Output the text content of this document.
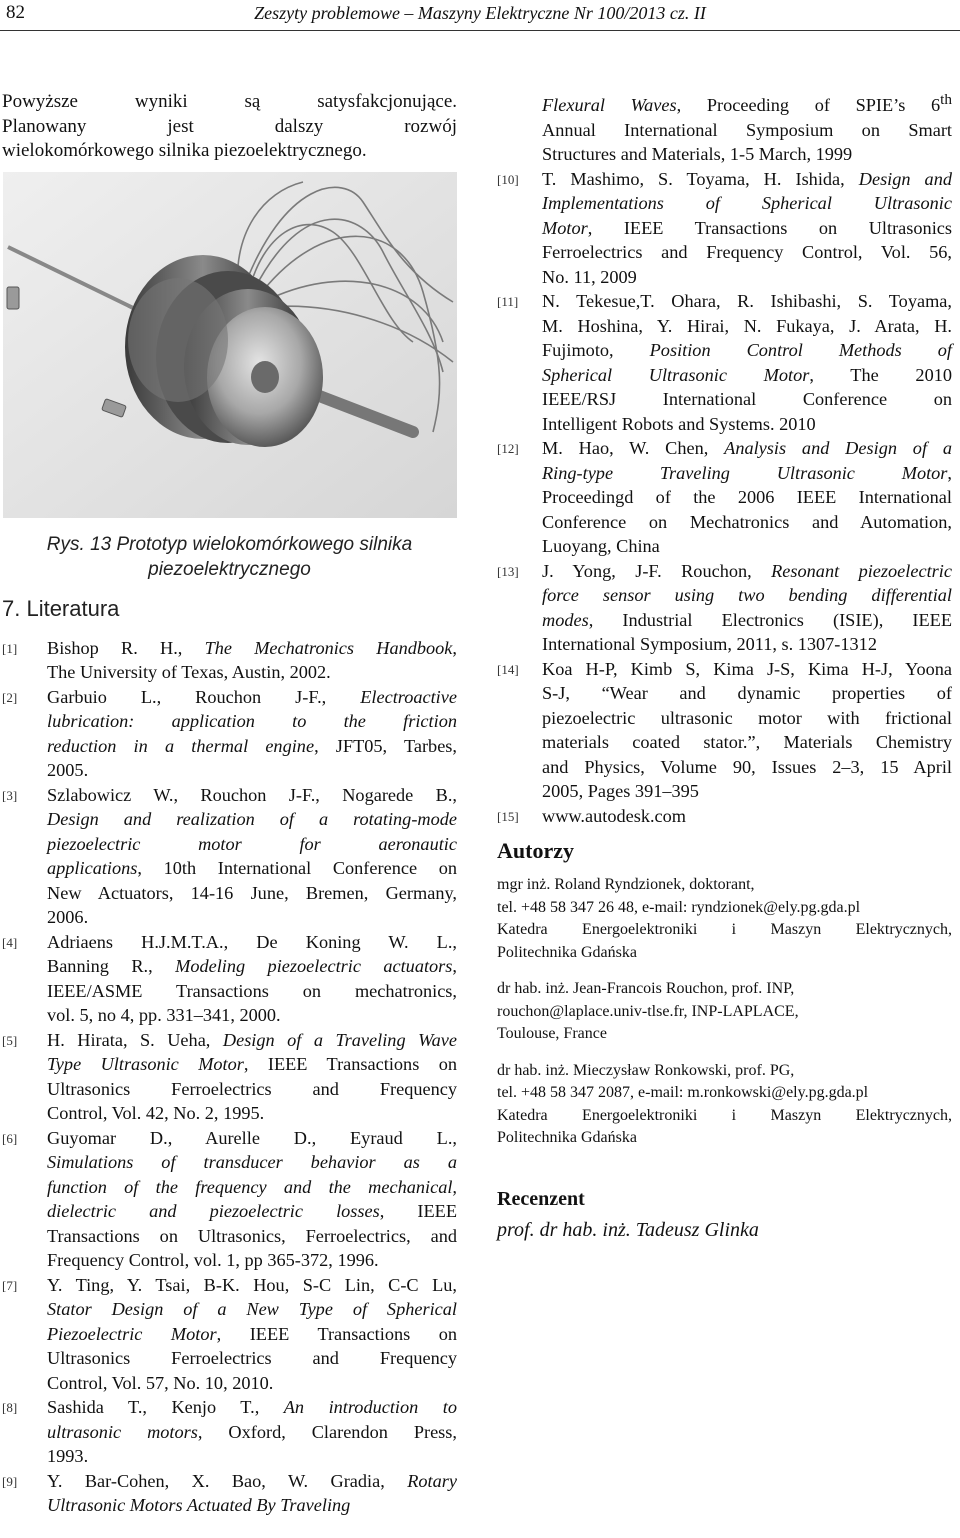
82	Zeszyty problemowe – Maszyny Elektryczne Nr 100/2013 cz. II
Powyższe wyniki są satysfakcjonujące.
Planowany jest dalszy rozwój
wielokomórkowego silnika piezoelektrycznego.
Rys. 13 Prototyp wielokomórkowego silnika
piezoelektrycznego
7. Literatura
[1] Bishop R. H., The Mechatronics Handbook,
The University of Texas, Austin, 2002.
[2] Garbuio L., Rouchon J-F., Electroactive
lubrication: application to the friction
reduction in a thermal engine, JFT05, Tarbes,
2005.
[3] Szlabowicz W., Rouchon J-F., Nogarede B.,
Design and realization of a rotating-mode
piezoelectric motor for aeronautic
applications, 10th International Conference on
New Actuators, 14-16 June, Bremen, Germany,
2006.
[4] Adriaens H.J.M.T.A., De Koning W. L.,
Banning R., Modeling piezoelectric actuators,
IEEE/ASME Transactions on mechatronics,
vol. 5, no 4, pp. 331–341, 2000.
[5] H. Hirata, S. Ueha, Design of a Traveling Wave
Type Ultrasonic Motor, IEEE Transactions on
Ultrasonics Ferroelectrics and Frequency
Control, Vol. 42, No. 2, 1995.
[6] Guyomar D., Aurelle D., Eyraud L.,
Simulations of transducer behavior as a
function of the frequency and the mechanical,
dielectric and piezoelectric losses, IEEE
Transactions on Ultrasonics, Ferroelectrics, and
Frequency Control, vol. 1, pp 365-372, 1996.
[7] Y. Ting, Y. Tsai, B-K. Hou, S-C Lin, C-C Lu,
Stator Design of a New Type of Spherical
Piezoelectric Motor, IEEE Transactions on
Ultrasonics Ferroelectrics and Frequency
Control, Vol. 57, No. 10, 2010.
[8] Sashida T., Kenjo T., An introduction to
ultrasonic motors, Oxford, Clarendon Press,
1993.
[9] Y. Bar-Cohen, X. Bao, W. Gradia, Rotary
Ultrasonic Motors Actuated By Traveling
Flexural Waves, Proceeding of SPIE’s 6th
Annual International Symposium on Smart
Structures and Materials, 1-5 March, 1999
[10] T. Mashimo, S. Toyama, H. Ishida, Design and
Implementations of Spherical Ultrasonic
Motor, IEEE Transactions on Ultrasonics
Ferroelectrics and Frequency Control, Vol. 56,
No. 11, 2009
[11] N. Tekesue,T. Ohara, R. Ishibashi, S. Toyama,
M. Hoshina, Y. Hirai, N. Fukaya, J. Arata, H.
Fujimoto, Position Control Methods of
Spherical Ultrasonic Motor, The 2010
IEEE/RSJ International Conference on
Intelligent Robots and Systems. 2010
[12] M. Hao, W. Chen, Analysis and Design of a
Ring-type Traveling Ultrasonic Motor,
Proceedingd of the 2006 IEEE International
Conference on Mechatronics and Automation,
Luoyang, China
[13] J. Yong, J-F. Rouchon, Resonant piezoelectric
force sensor using two bending differential
modes, Industrial Electronics (ISIE), IEEE
International Symposium, 2011, s. 1307-1312
[14] Koa H-P, Kimb S, Kima J-S, Kima H-J, Yoona
S-J, “Wear and dynamic properties of
piezoelectric ultrasonic motor with frictional
materials coated stator.”, Materials Chemistry
and Physics, Volume 90, Issues 2–3, 15 April
2005, Pages 391–395
[15] www.autodesk.com
Autorzy
mgr inż. Roland Ryndzionek, doktorant,
tel. +48 58 347 26 48, e-mail: ryndzionek@ely.pg.gda.pl
Katedra Energoelektroniki i Maszyn Elektrycznych,
Politechnika Gdańska
dr hab. inż. Jean-Francois Rouchon, prof. INP,
rouchon@laplace.univ-tlse.fr, INP-LAPLACE,
Toulouse, France
dr hab. inż. Mieczysław Ronkowski, prof. PG,
tel. +48 58 347 2087, e-mail: m.ronkowski@ely.pg.gda.pl
Katedra Energoelektroniki i Maszyn Elektrycznych,
Politechnika Gdańska
Recenzent
prof. dr hab. inż. Tadeusz Glinka
